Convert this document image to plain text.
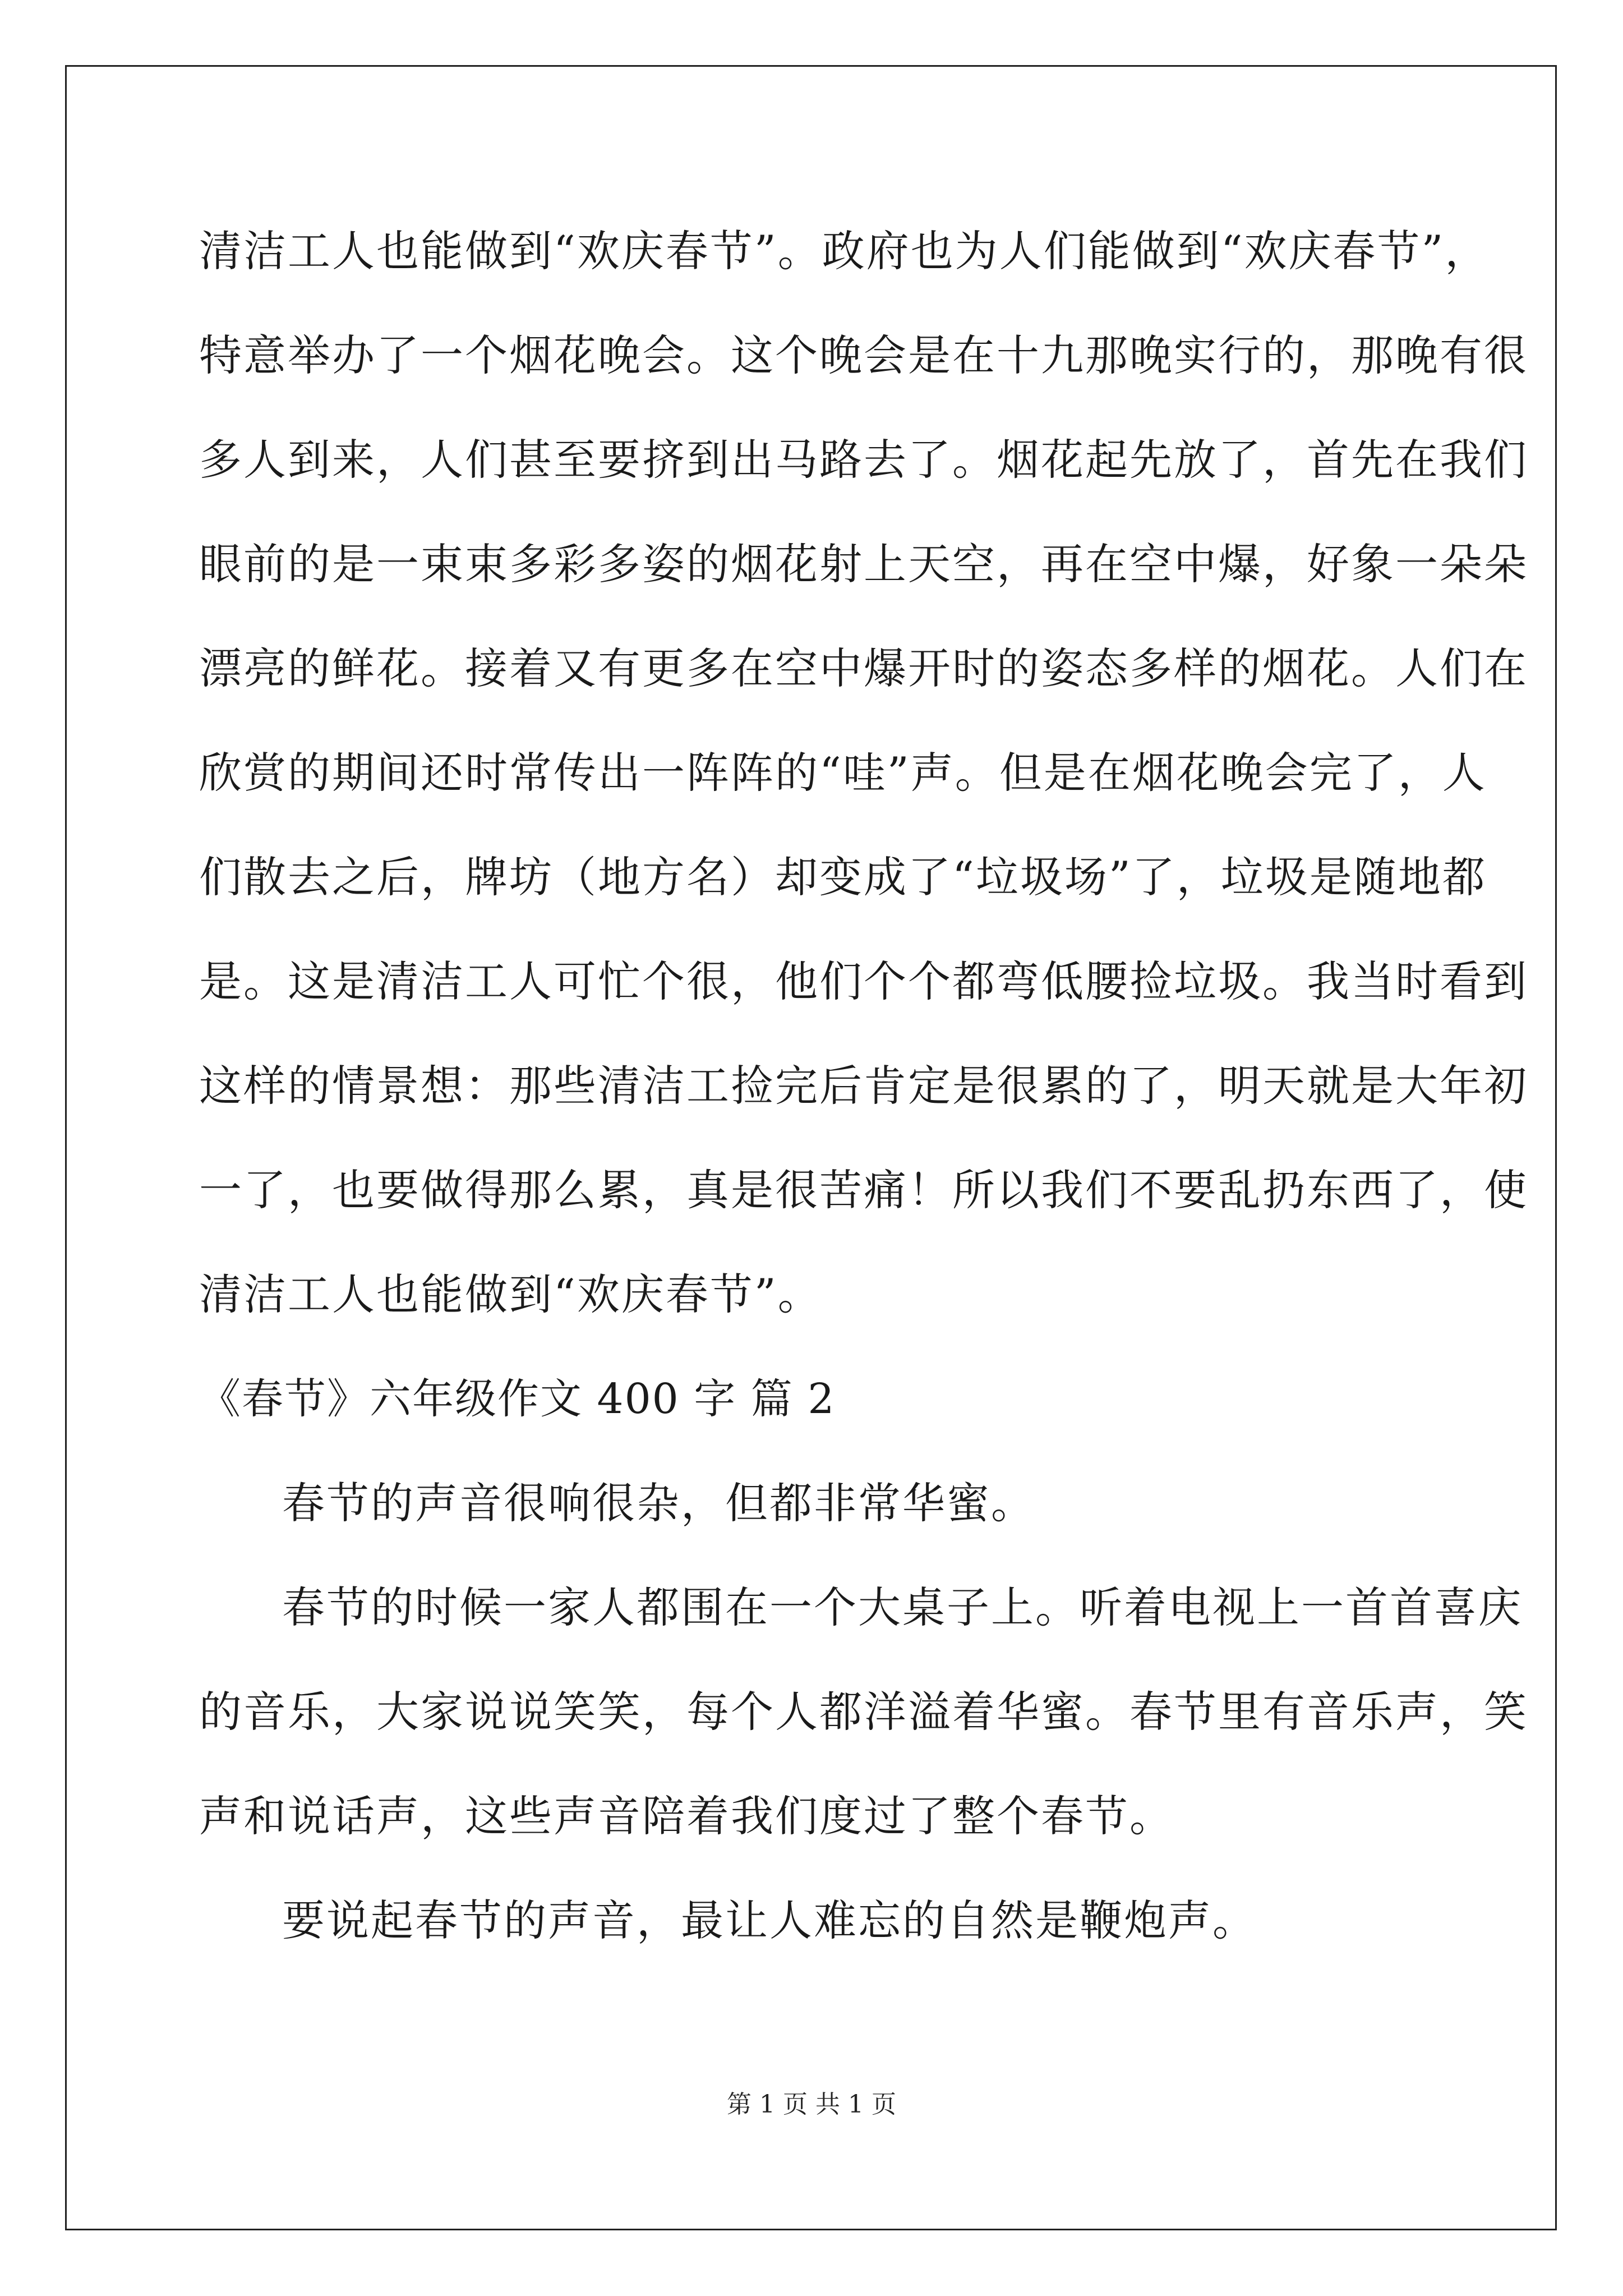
清洁工人也能做到“欢庆春节”。政府也为人们能做到“欢庆春节”，
特意举办了一个烟花晚会。这个晚会是在十九那晚实行的，那晚有很
多人到来，人们甚至要挤到出马路去了。烟花起先放了，首先在我们
眼前的是一束束多彩多姿的烟花射上天空，再在空中爆，好象一朵朵
漂亮的鲜花。接着又有更多在空中爆开时的姿态多样的烟花。人们在
欣赏的期间还时常传出一阵阵的“哇”声。但是在烟花晚会完了，人
们散去之后，牌坊（地方名）却变成了“垃圾场”了，垃圾是随地都
是。这是清洁工人可忙个很，他们个个都弯低腰捡垃圾。我当时看到
这样的情景想：那些清洁工捡完后肯定是很累的了，明天就是大年初
一了，也要做得那么累，真是很苦痛！所以我们不要乱扔东西了，使
清洁工人也能做到“欢庆春节”。
《春节》六年级作文 400 字 篇 2
春节的声音很响很杂，但都非常华蜜。
春节的时候一家人都围在一个大桌子上。听着电视上一首首喜庆
的音乐，大家说说笑笑，每个人都洋溢着华蜜。春节里有音乐声，笑
声和说话声，这些声音陪着我们度过了整个春节。
要说起春节的声音，最让人难忘的自然是鞭炮声。
第 1 页 共 1 页
